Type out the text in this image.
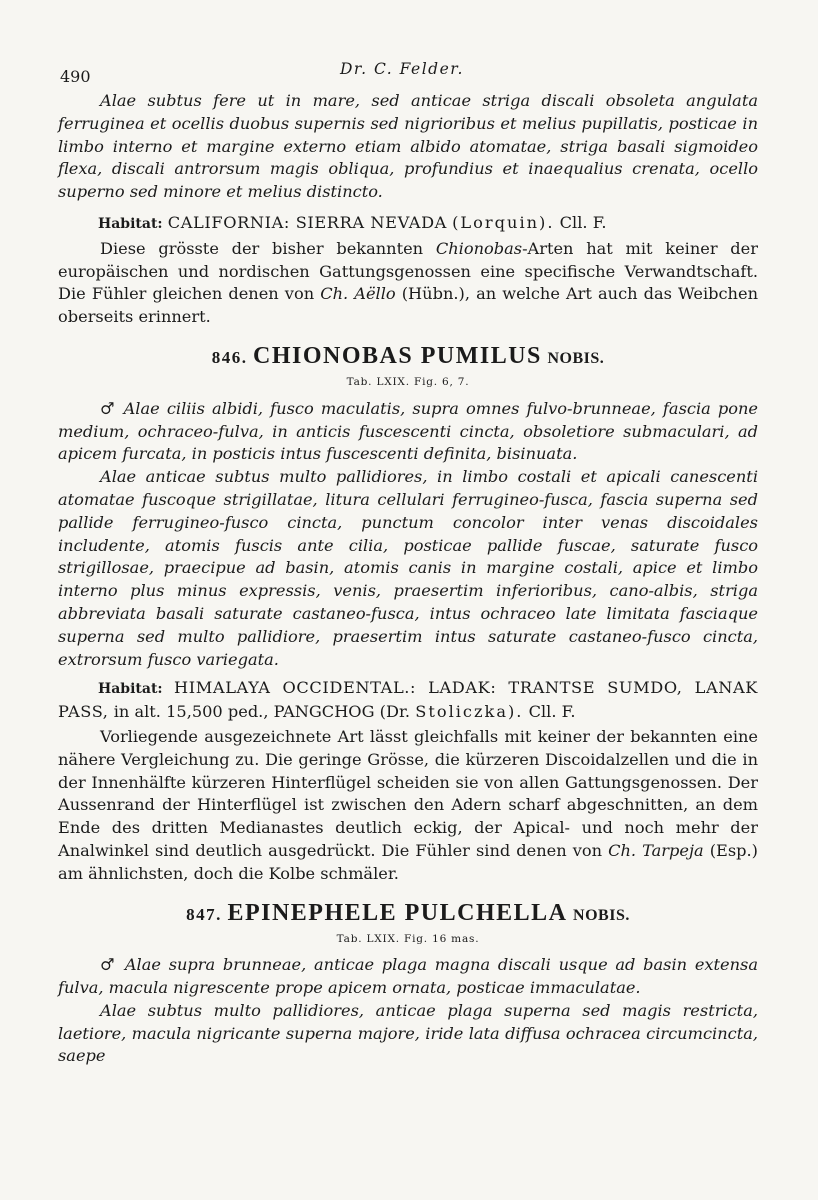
490	Dr. C. Felder.

Alae subtus fere ut in mare, sed anticae striga discali obsoleta angulata ferruginea et ocellis duobus supernis sed nigrioribus et melius pupillatis, posticae in limbo interno et margine externo etiam albido atomatae, striga basali sigmoideo flexa, discali antrorsum magis obliqua, profundius et inaequalius crenata, ocello superno sed minore et melius distincto.

Habitat: CALIFORNIA: SIERRA NEVADA (Lorquin). Cll. F.

Diese grösste der bisher bekannten Chionobas-Arten hat mit keiner der europäischen und nordischen Gattungsgenossen eine specifische Verwandtschaft. Die Fühler gleichen denen von Ch. Aëllo (Hübn.), an welche Art auch das Weibchen oberseits erinnert.

846. CHIONOBAS PUMILUS NOBIS.
Tab. LXIX. Fig. 6, 7.

♂ Alae ciliis albidi, fusco maculatis, supra omnes fulvo-brunneae, fascia pone medium, ochraceo-fulva, in anticis fuscescenti cincta, obsoletiore submaculari, ad apicem furcata, in posticis intus fuscescenti definita, bisinuata.

Alae anticae subtus multo pallidiores, in limbo costali et apicali canescenti atomatae fuscoque strigillatae, litura cellulari ferrugineo-fusca, fascia superna sed pallide ferrugineo-fusco cincta, punctum concolor inter venas discoidales includente, atomis fuscis ante cilia, posticae pallide fuscae, saturate fusco strigillosae, praecipue ad basin, atomis canis in margine costali, apice et limbo interno plus minus expressis, venis, praesertim inferioribus, cano-albis, striga abbreviata basali saturate castaneo-fusca, intus ochraceo late limitata fasciaque superna sed multo pallidiore, praesertim intus saturate castaneo-fusco cincta, extrorsum fusco variegata.

Habitat: HIMALAYA OCCIDENTAL.: LADAK: TRANTSE SUMDO, LANAK PASS, in alt. 15,500 ped., PANGCHOG (Dr. Stoliczka). Cll. F.

Vorliegende ausgezeichnete Art lässt gleichfalls mit keiner der bekannten eine nähere Vergleichung zu. Die geringe Grösse, die kürzeren Discoidalzellen und die in der Innenhälfte kürzeren Hinterflügel scheiden sie von allen Gattungsgenossen. Der Aussenrand der Hinterflügel ist zwischen den Adern scharf abgeschnitten, an dem Ende des dritten Medianastes deutlich eckig, der Apical- und noch mehr der Analwinkel sind deutlich ausgedrückt. Die Fühler sind denen von Ch. Tarpeja (Esp.) am ähnlichsten, doch die Kolbe schmäler.

847. EPINEPHELE PULCHELLA NOBIS.
Tab. LXIX. Fig. 16 mas.

♂ Alae supra brunneae, anticae plaga magna discali usque ad basin extensa fulva, macula nigrescente prope apicem ornata, posticae immaculatae.

Alae subtus multo pallidiores, anticae plaga superna sed magis restricta, laetiore, macula nigricante superna majore, iride lata diffusa ochracea circumcincta, saepe
